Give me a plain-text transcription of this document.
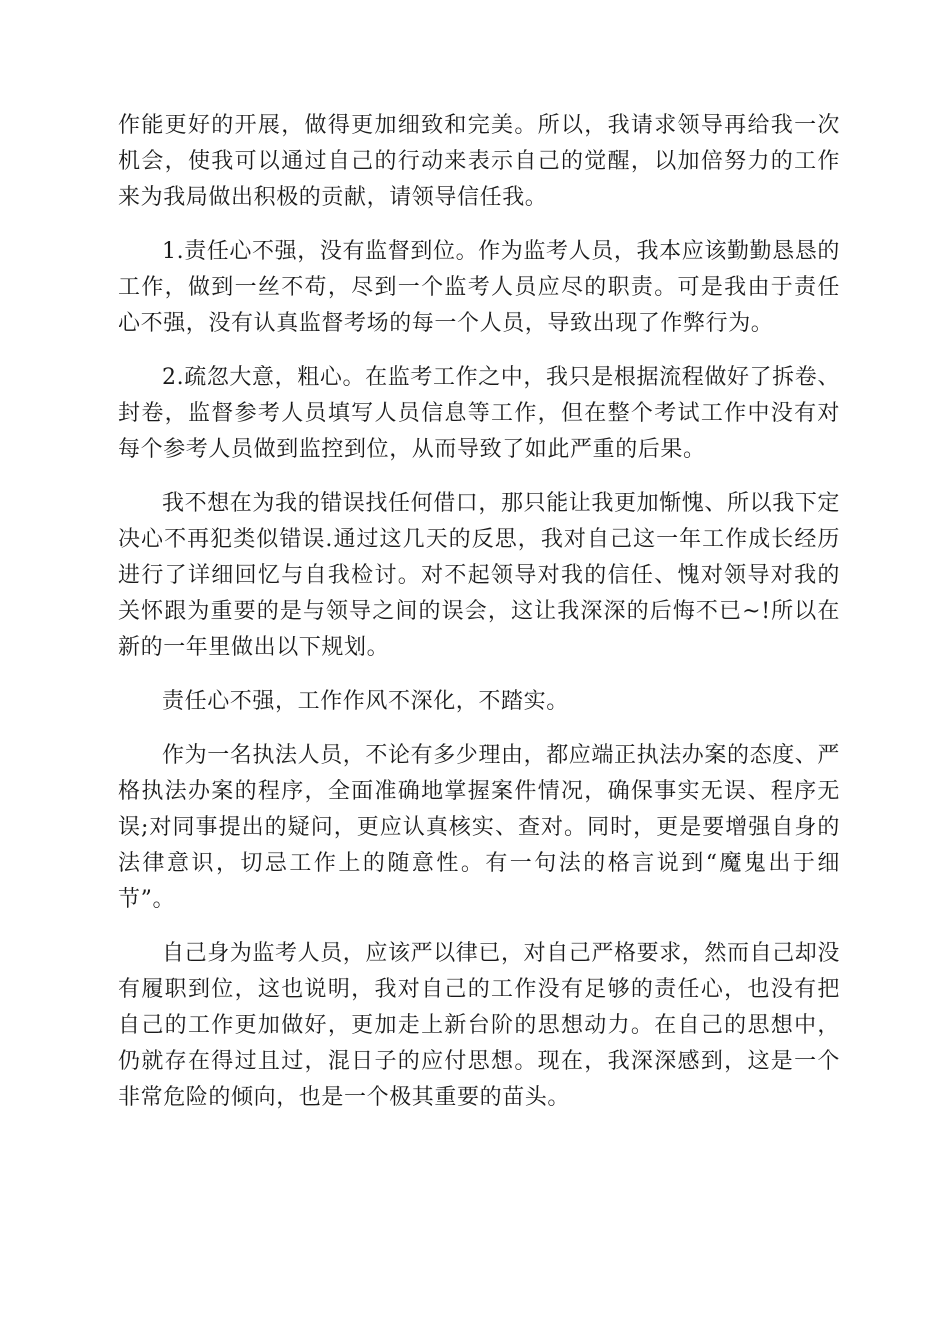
作能更好的开展，做得更加细致和完美。所以，我请求领导再给我一次机会，使我可以通过自己的行动来表示自己的觉醒，以加倍努力的工作来为我局做出积极的贡献，请领导信任我。

1.责任心不强，没有监督到位。作为监考人员，我本应该勤勤恳恳的工作，做到一丝不苟，尽到一个监考人员应尽的职责。可是我由于责任心不强，没有认真监督考场的每一个人员，导致出现了作弊行为。

2.疏忽大意，粗心。在监考工作之中，我只是根据流程做好了拆卷、封卷，监督参考人员填写人员信息等工作，但在整个考试工作中没有对每个参考人员做到监控到位，从而导致了如此严重的后果。

我不想在为我的错误找任何借口，那只能让我更加惭愧、所以我下定决心不再犯类似错误.通过这几天的反思，我对自己这一年工作成长经历进行了详细回忆与自我检讨。对不起领导对我的信任、愧对领导对我的关怀跟为重要的是与领导之间的误会，这让我深深的后悔不已~!所以在新的一年里做出以下规划。

责任心不强，工作作风不深化，不踏实。

作为一名执法人员，不论有多少理由，都应端正执法办案的态度、严格执法办案的程序，全面准确地掌握案件情况，确保事实无误、程序无误;对同事提出的疑问，更应认真核实、查对。同时，更是要增强自身的法律意识，切忌工作上的随意性。有一句法的格言说到“魔鬼出于细节”。

自己身为监考人员，应该严以律已，对自己严格要求，然而自己却没有履职到位，这也说明，我对自己的工作没有足够的责任心，也没有把自己的工作更加做好，更加走上新台阶的思想动力。在自己的思想中，仍就存在得过且过，混日子的应付思想。现在，我深深感到，这是一个非常危险的倾向，也是一个极其重要的苗头。
